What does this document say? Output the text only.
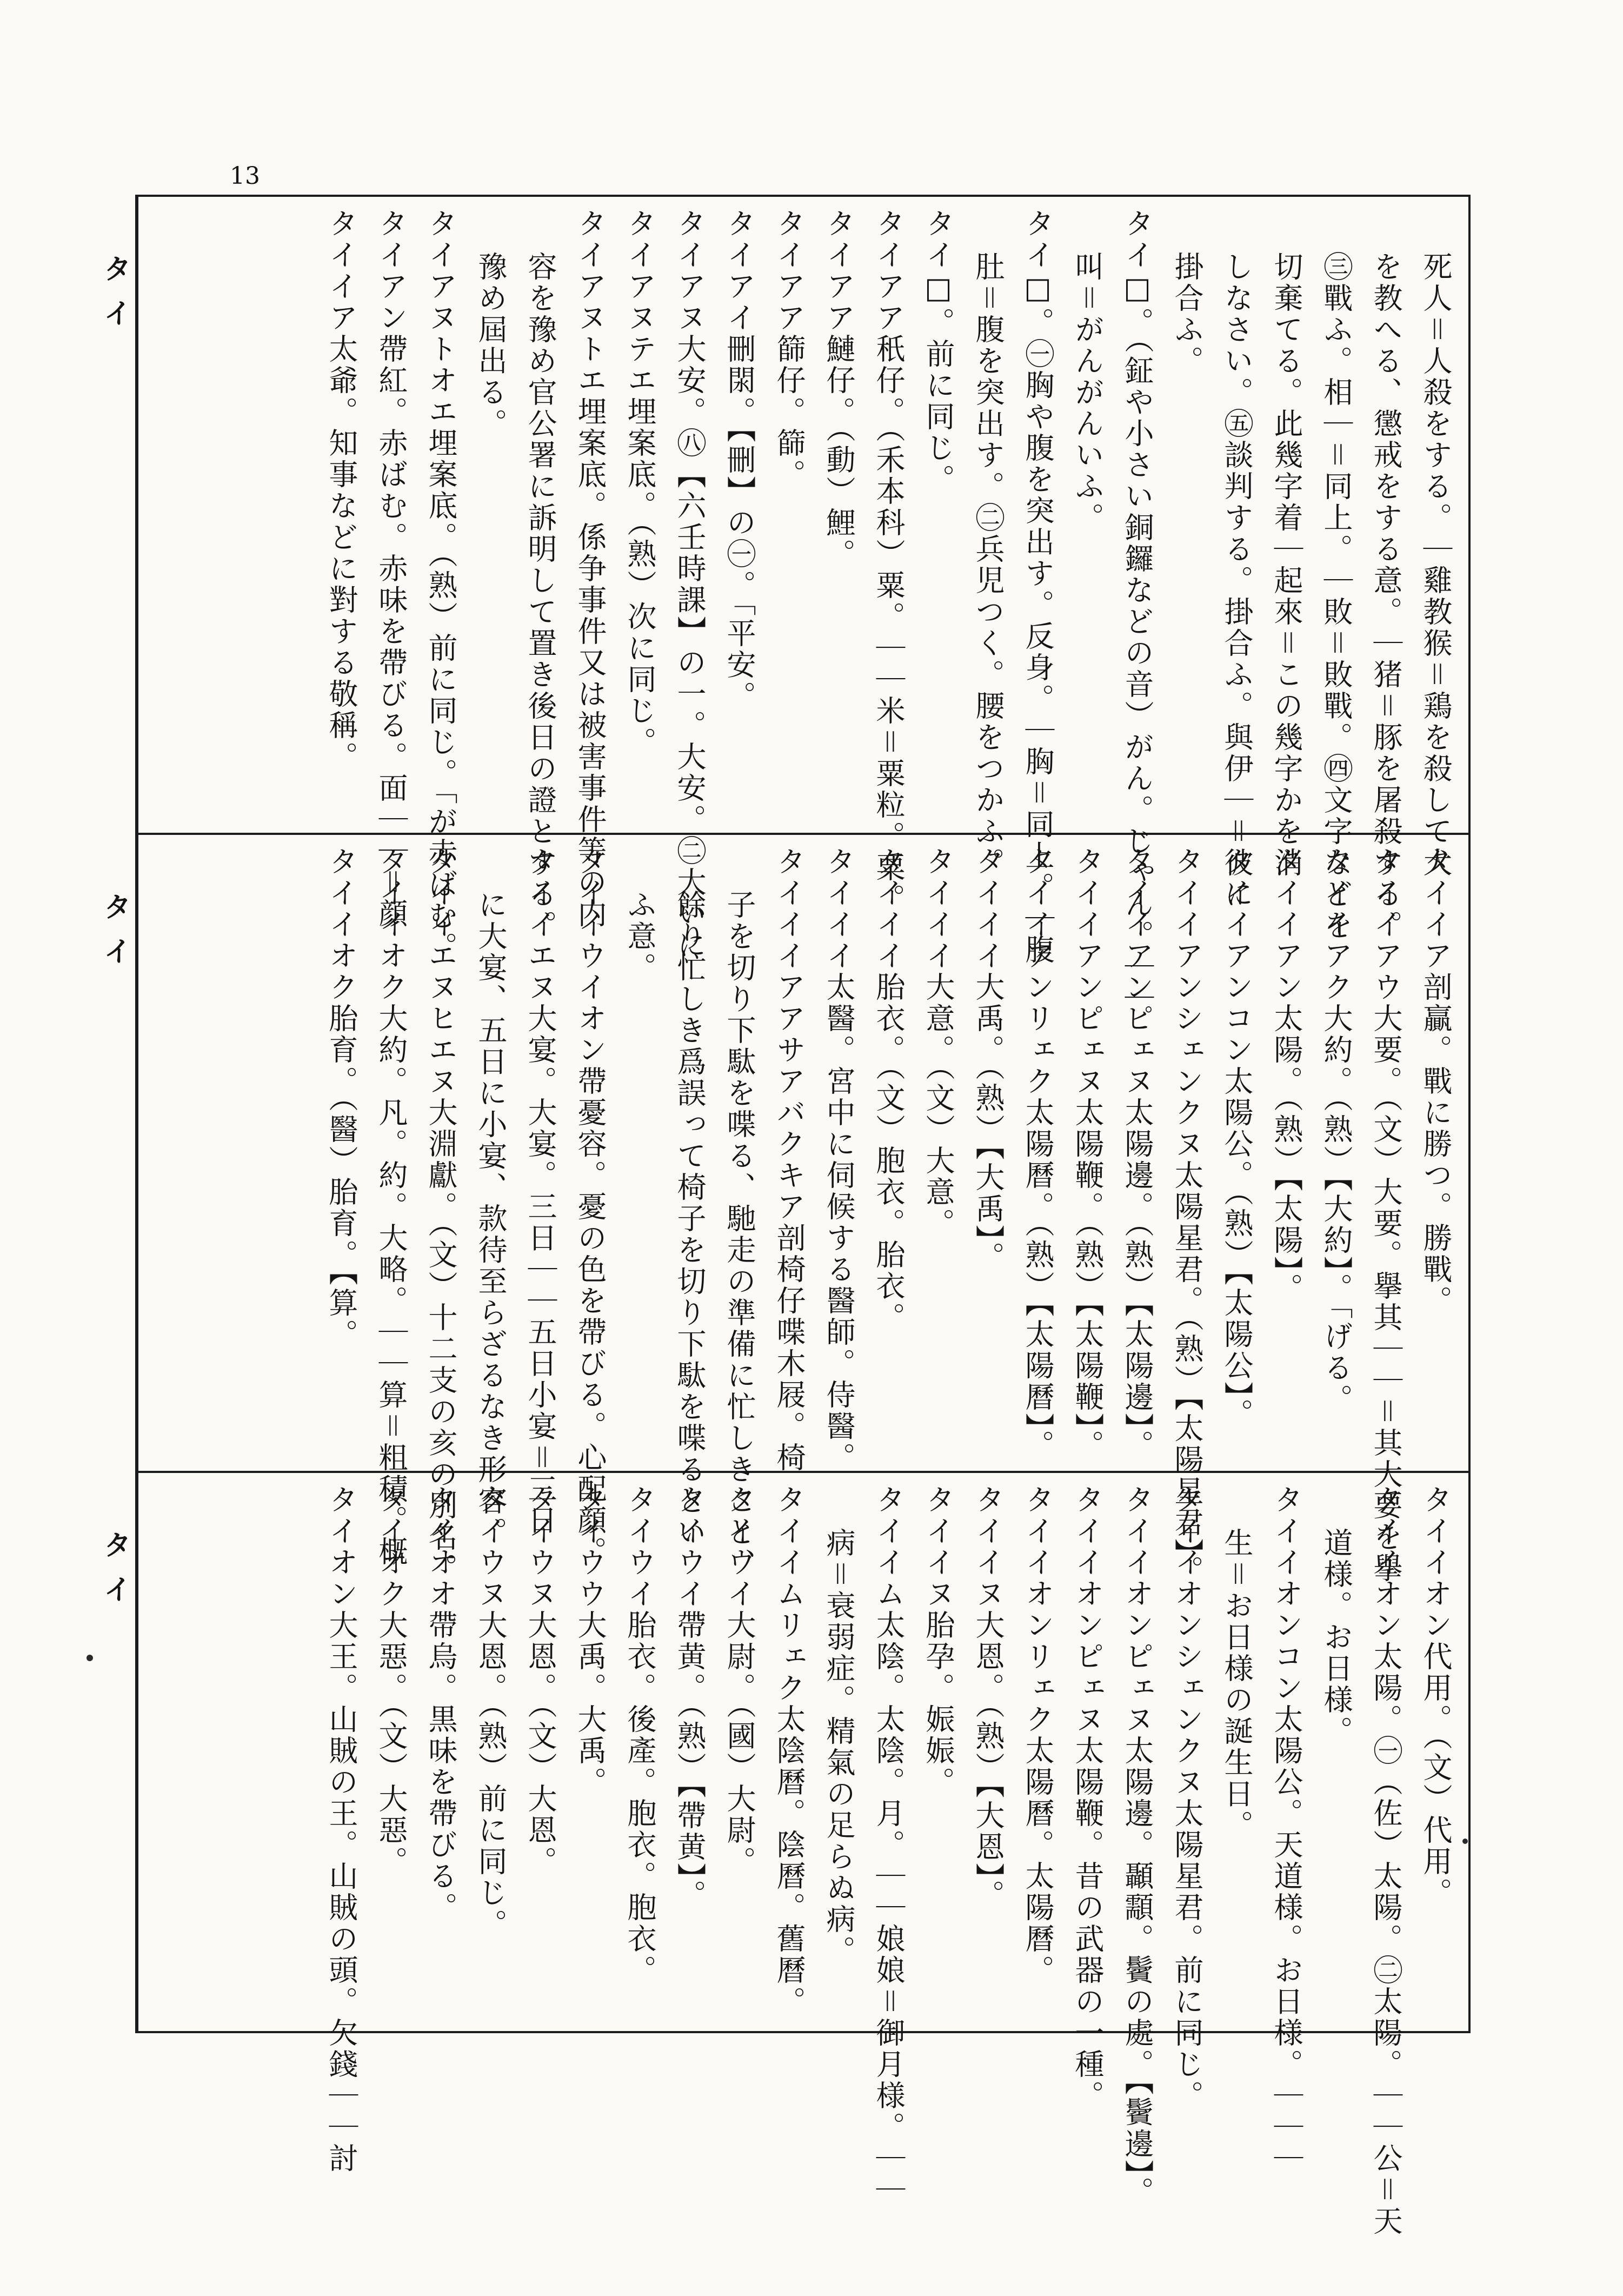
13
タイ
タイ
タイ
死人＝人殺をする。｜雞教猴＝鶏を殺して犬
を教へる、懲戒をする意。｜猪＝豚を屠殺する。
㊂戰ふ。相｜＝同上。｜敗＝敗戰。㊃文字などを
切棄てる。此幾字着｜起來＝この幾字かを消
しなさい。㊄談判する。掛合ふ。與伊｜＝彼に
掛合ふ。
タイ□。（鉦や小さい銅鑼などの音）がん。じゃん。｜｜
叫＝がんがんいふ。
タイ□。㊀胸や腹を突出す。反身。｜胸＝同上。｜腹
肚＝腹を突出す。㊁兵児つく。腰をつかふ。
タイ□。前に同じ。
タイアア秖仔。（禾本科）粟。｜｜米＝粟粒。粟。
タイアア鰱仔。（動）鯉。
タイアア篩仔。篩。
タイアイ刪閖。【刪】の㊀。「平安。
タイアヌ大安。㊇【六壬時課】の一。大安。㊁大いに
タイアヌテエ埋案底。（熟）次に同じ。
タイアヌトエ埋案底。係争事件又は被害事件等の内
容を豫め官公署に訴明して置き後日の證とする。
豫め屆出る。
タイアヌトオエ埋案底。（熟）前に同じ。「が赤ばむ。
タイアン帶紅。赤ばむ。赤味を帶びる。面｜｜＝顔
タイイア太爺。知事などに對する敬稱。
タイイア剖贏。戰に勝つ。勝戰。
タイイアウ大要。（文）大要。擧其｜｜＝其大要を擧
タイイアク大約。（熟）【大約】。「げる。
タイイアン太陽。（熟）【太陽】。
タイイアンコン太陽公。（熟）【太陽公】。
タイイアンシェンクヌ太陽星君。（熟）【太陽星君】。
タイイアンピェヌ太陽邊。（熟）【太陽邊】。
タイイアンピェヌ太陽鞭。（熟）【太陽鞭】。
タイイアンリェク太陽曆。（熟）【太陽曆】。
タイイイ大禹。（熟）【大禹】。
タイイイ大意。（文）大意。
タイイイ胎衣。（文）胞衣。胎衣。
タイイイ太醫。宮中に伺候する醫師。侍醫。
タイイイアアサアバクキア剖椅仔喋木屐。椅
子を切り下駄を喋る、馳走の準備に忙しきこと、
餘り忙しき爲誤って椅子を切り下駄を喋るとい
ふ意。
タイイウイオン帶憂容。憂の色を帶びる。心配顔。
タイイエヌ大宴。大宴。三日｜｜五日小宴＝三日
に大宴、五日に小宴、款待至らざるなき形容。
タイイエヌヒエヌ大淵獻。（文）十二支の亥の別名。
タイイオク大約。凡。約。大略。｜｜算＝粗積。概
タイイオク胎育。（醫）胎育。【算。
タイイオン代用。（文）代用。
タイイオン太陽。㊀（佐）太陽。㊁太陽。｜｜公＝天
道様。お日様。
タイイオンコン太陽公。天道様。お日様。｜｜｜
生＝お日様の誕生日。
タイイオンシェンクヌ太陽星君。前に同じ。
タイイオンピェヌ太陽邊。顳顬。鬢の處。【鬢邊】。
タイイオンピェヌ太陽鞭。昔の武器の一種。
タイイオンリェク太陽曆。太陽曆。
タイイヌ大恩。（熟）【大恩】。
タイイヌ胎孕。娠娠。
タイイム太陰。太陰。月。｜｜娘娘＝御月様。｜｜
病＝衰弱症。精氣の足らぬ病。
タイイムリェク太陰曆。陰曆。舊曆。
タイウイ大尉。（國）大尉。
タイウイ帶黄。（熟）【帶黄】。
タイウイ胎衣。後產。胞衣。胞衣。
タイウウ大禹。大禹。
タイウヌ大恩。（文）大恩。
タイウヌ大恩。（熟）前に同じ。
タイオオ帶烏。黒味を帶びる。
タイオク大惡。（文）大惡。
タイオン大王。山賊の王。山賊の頭。欠錢｜｜討
